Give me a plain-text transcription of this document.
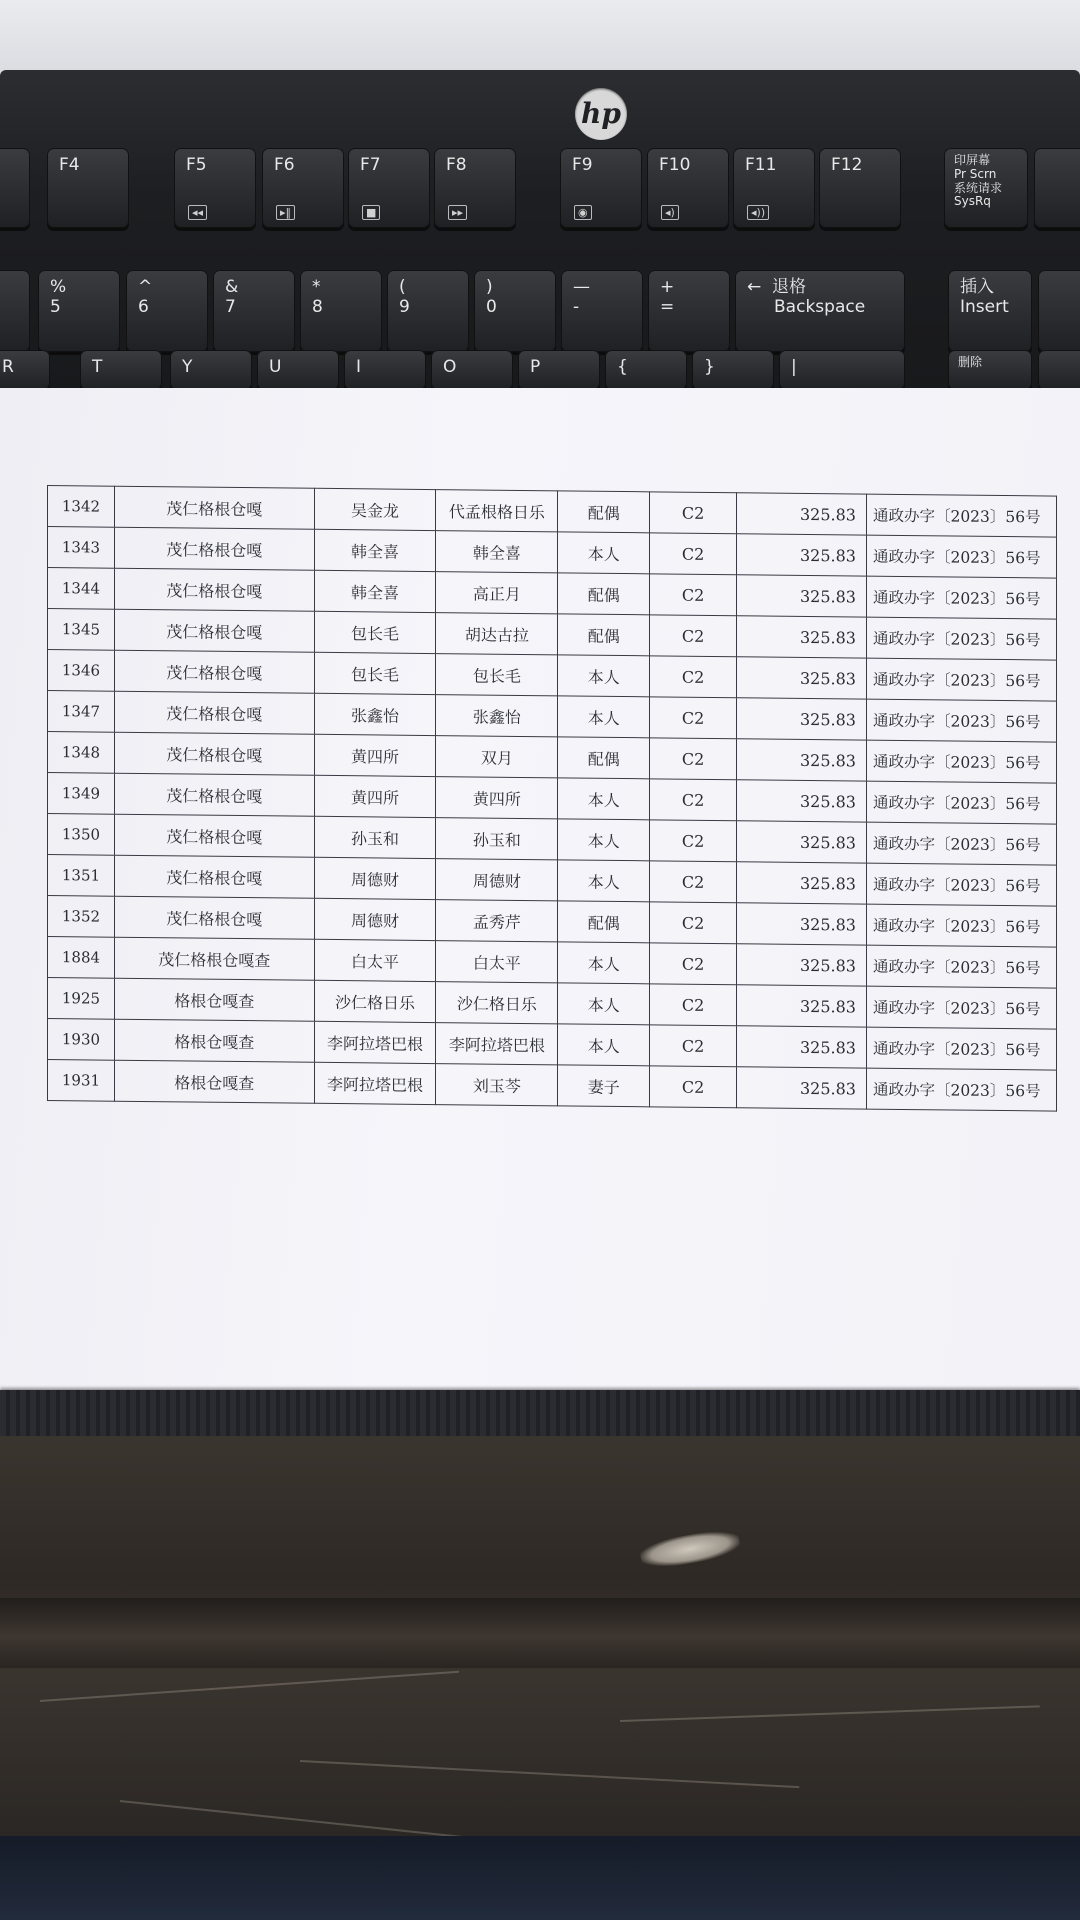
hp
F4	F5
◂◂
F6
▸‖
F7
■
F8
▸▸
F9
◉
F10
◂)
F11
◂))
F12	印屏幕
Pr Scrn
系统请求
SysRq
%
5
^
6
&
7
*
8
(
9
)
0
—
-
+
=
←  退格
Backspace
插入
Insert
R	T	Y	U	I	O	P	{	}	|	删除
1342	茂仁格根仓嘎	吴金龙	代孟根格日乐	配偶	C2	325.83	通政办字〔2023〕56号
1343	茂仁格根仓嘎	韩全喜	韩全喜	本人	C2	325.83	通政办字〔2023〕56号
1344	茂仁格根仓嘎	韩全喜	高正月	配偶	C2	325.83	通政办字〔2023〕56号
1345	茂仁格根仓嘎	包长毛	胡达古拉	配偶	C2	325.83	通政办字〔2023〕56号
1346	茂仁格根仓嘎	包长毛	包长毛	本人	C2	325.83	通政办字〔2023〕56号
1347	茂仁格根仓嘎	张鑫怡	张鑫怡	本人	C2	325.83	通政办字〔2023〕56号
1348	茂仁格根仓嘎	黄四所	双月	配偶	C2	325.83	通政办字〔2023〕56号
1349	茂仁格根仓嘎	黄四所	黄四所	本人	C2	325.83	通政办字〔2023〕56号
1350	茂仁格根仓嘎	孙玉和	孙玉和	本人	C2	325.83	通政办字〔2023〕56号
1351	茂仁格根仓嘎	周德财	周德财	本人	C2	325.83	通政办字〔2023〕56号
1352	茂仁格根仓嘎	周德财	孟秀芹	配偶	C2	325.83	通政办字〔2023〕56号
1884	茂仁格根仓嘎查	白太平	白太平	本人	C2	325.83	通政办字〔2023〕56号
1925	格根仓嘎查	沙仁格日乐	沙仁格日乐	本人	C2	325.83	通政办字〔2023〕56号
1930	格根仓嘎查	李阿拉塔巴根	李阿拉塔巴根	本人	C2	325.83	通政办字〔2023〕56号
1931	格根仓嘎查	李阿拉塔巴根	刘玉芩	妻子	C2	325.83	通政办字〔2023〕56号
